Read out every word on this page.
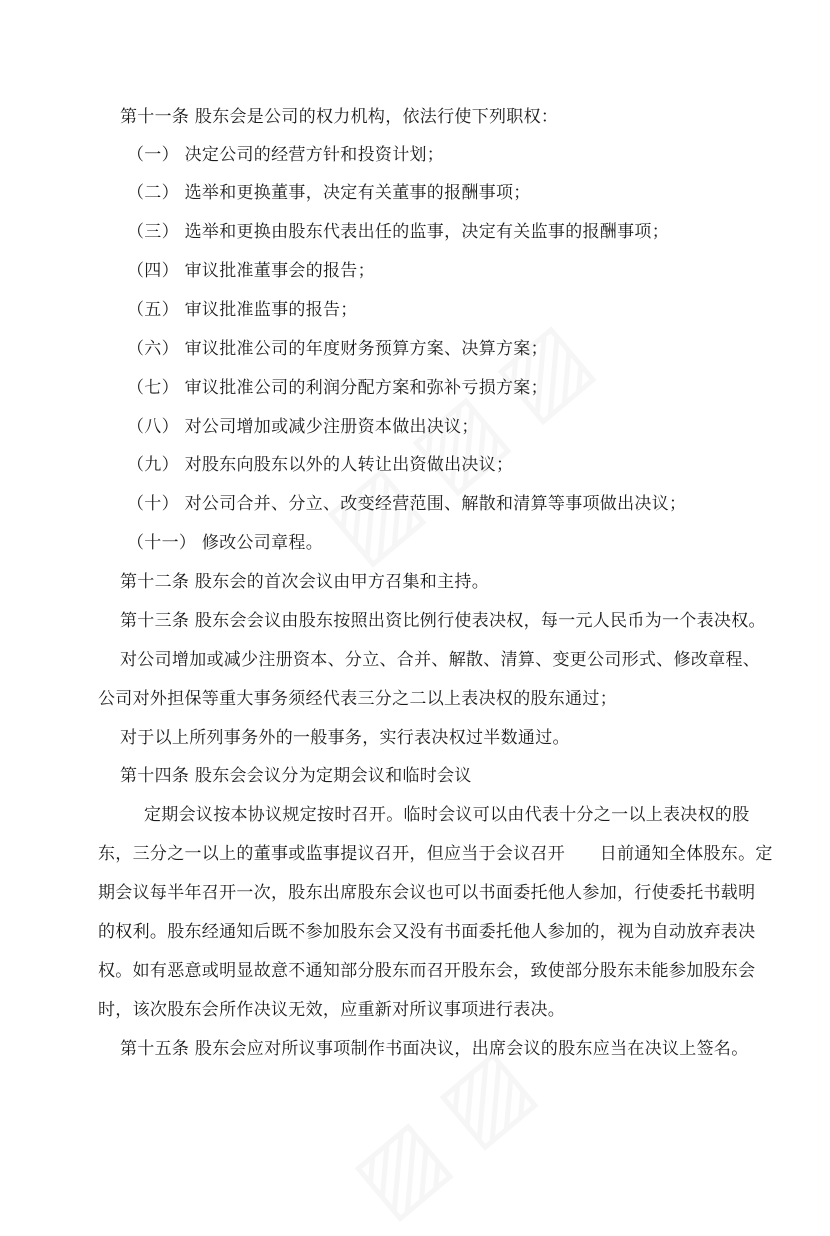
第十一条 股东会是公司的权力机构，依法行使下列职权：
（一） 决定公司的经营方针和投资计划；
（二） 选举和更换董事，决定有关董事的报酬事项；
（三） 选举和更换由股东代表出任的监事，决定有关监事的报酬事项；
（四） 审议批准董事会的报告；
（五） 审议批准监事的报告；
（六） 审议批准公司的年度财务预算方案、决算方案；
（七） 审议批准公司的利润分配方案和弥补亏损方案；
（八） 对公司增加或减少注册资本做出决议；
（九） 对股东向股东以外的人转让出资做出决议；
（十） 对公司合并、分立、改变经营范围、解散和清算等事项做出决议；
（十一） 修改公司章程。
第十二条 股东会的首次会议由甲方召集和主持。
第十三条 股东会会议由股东按照出资比例行使表决权，每一元人民币为一个表决权。
对公司增加或减少注册资本、分立、合并、解散、清算、变更公司形式、修改章程、
公司对外担保等重大事务须经代表三分之二以上表决权的股东通过；
对于以上所列事务外的一般事务，实行表决权过半数通过。
第十四条 股东会会议分为定期会议和临时会议
定期会议按本协议规定按时召开。临时会议可以由代表十分之一以上表决权的股
东，三分之一以上的董事或监事提议召开，但应当于会议召开　　日前通知全体股东。定
期会议每半年召开一次，股东出席股东会议也可以书面委托他人参加，行使委托书载明
的权利。股东经通知后既不参加股东会又没有书面委托他人参加的，视为自动放弃表决
权。如有恶意或明显故意不通知部分股东而召开股东会，致使部分股东未能参加股东会
时，该次股东会所作决议无效，应重新对所议事项进行表决。
第十五条 股东会应对所议事项制作书面决议，出席会议的股东应当在决议上签名。
